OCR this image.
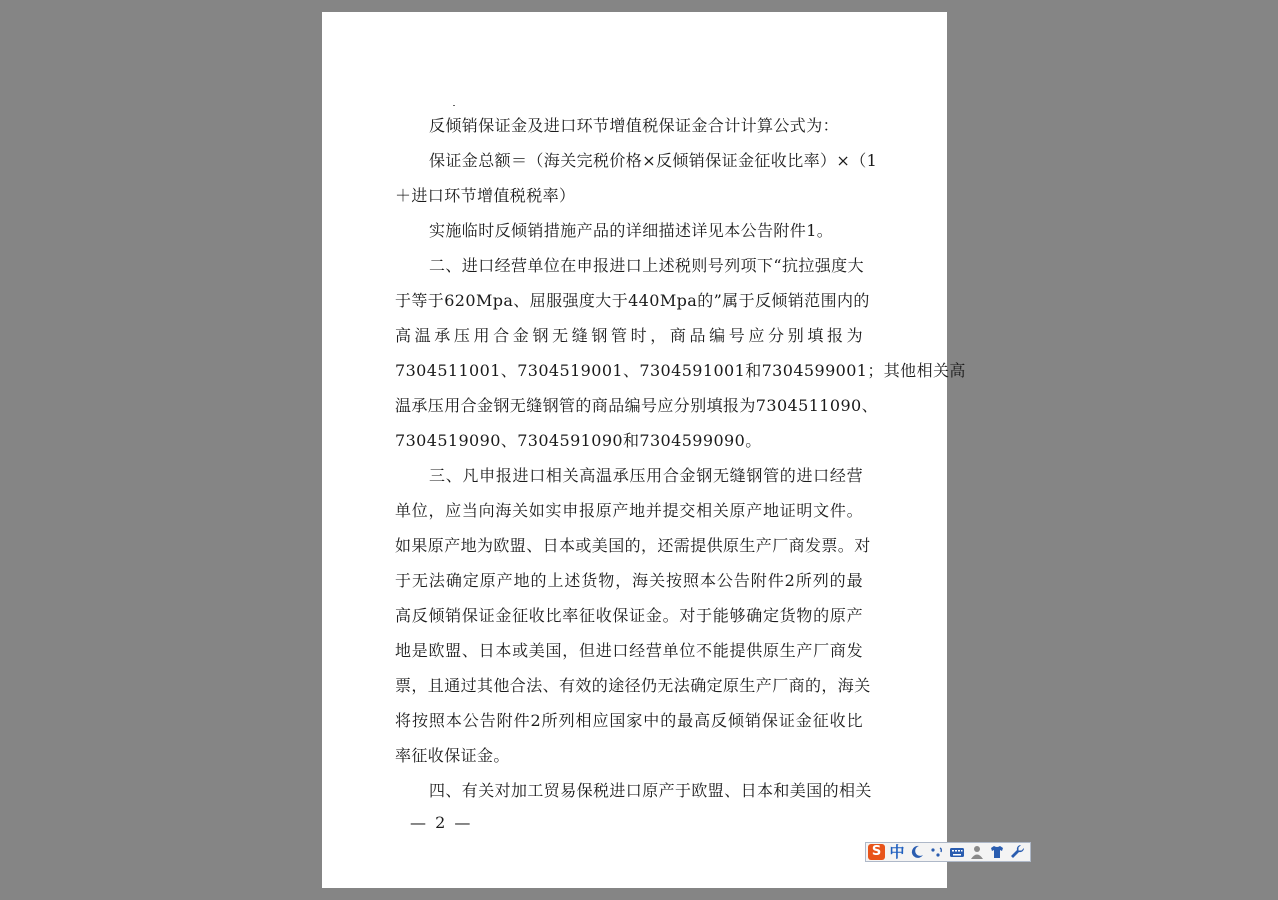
反倾销保证金及进口环节增值税保证金合计计算公式为：
保证金总额＝（海关完税价格×反倾销保证金征收比率）×（1
＋进口环节增值税税率）
实施临时反倾销措施产品的详细描述详见本公告附件1。
二、进口经营单位在申报进口上述税则号列项下“抗拉强度大
于等于620Mpa、屈服强度大于440Mpa的”属于反倾销范围内的
高温承压用合金钢无缝钢管时，商品编号应分别填报为
7304511001、7304519001、7304591001和7304599001；其他相关高
温承压用合金钢无缝钢管的商品编号应分别填报为7304511090、
7304519090、7304591090和7304599090。
三、凡申报进口相关高温承压用合金钢无缝钢管的进口经营
单位，应当向海关如实申报原产地并提交相关原产地证明文件。
如果原产地为欧盟、日本或美国的，还需提供原生产厂商发票。对
于无法确定原产地的上述货物，海关按照本公告附件2所列的最
高反倾销保证金征收比率征收保证金。对于能够确定货物的原产
地是欧盟、日本或美国，但进口经营单位不能提供原生产厂商发
票，且通过其他合法、有效的途径仍无法确定原生产厂商的，海关
将按照本公告附件2所列相应国家中的最高反倾销保证金征收比
率征收保证金。
四、有关对加工贸易保税进口原产于欧盟、日本和美国的相关
— 2 —
S 中
